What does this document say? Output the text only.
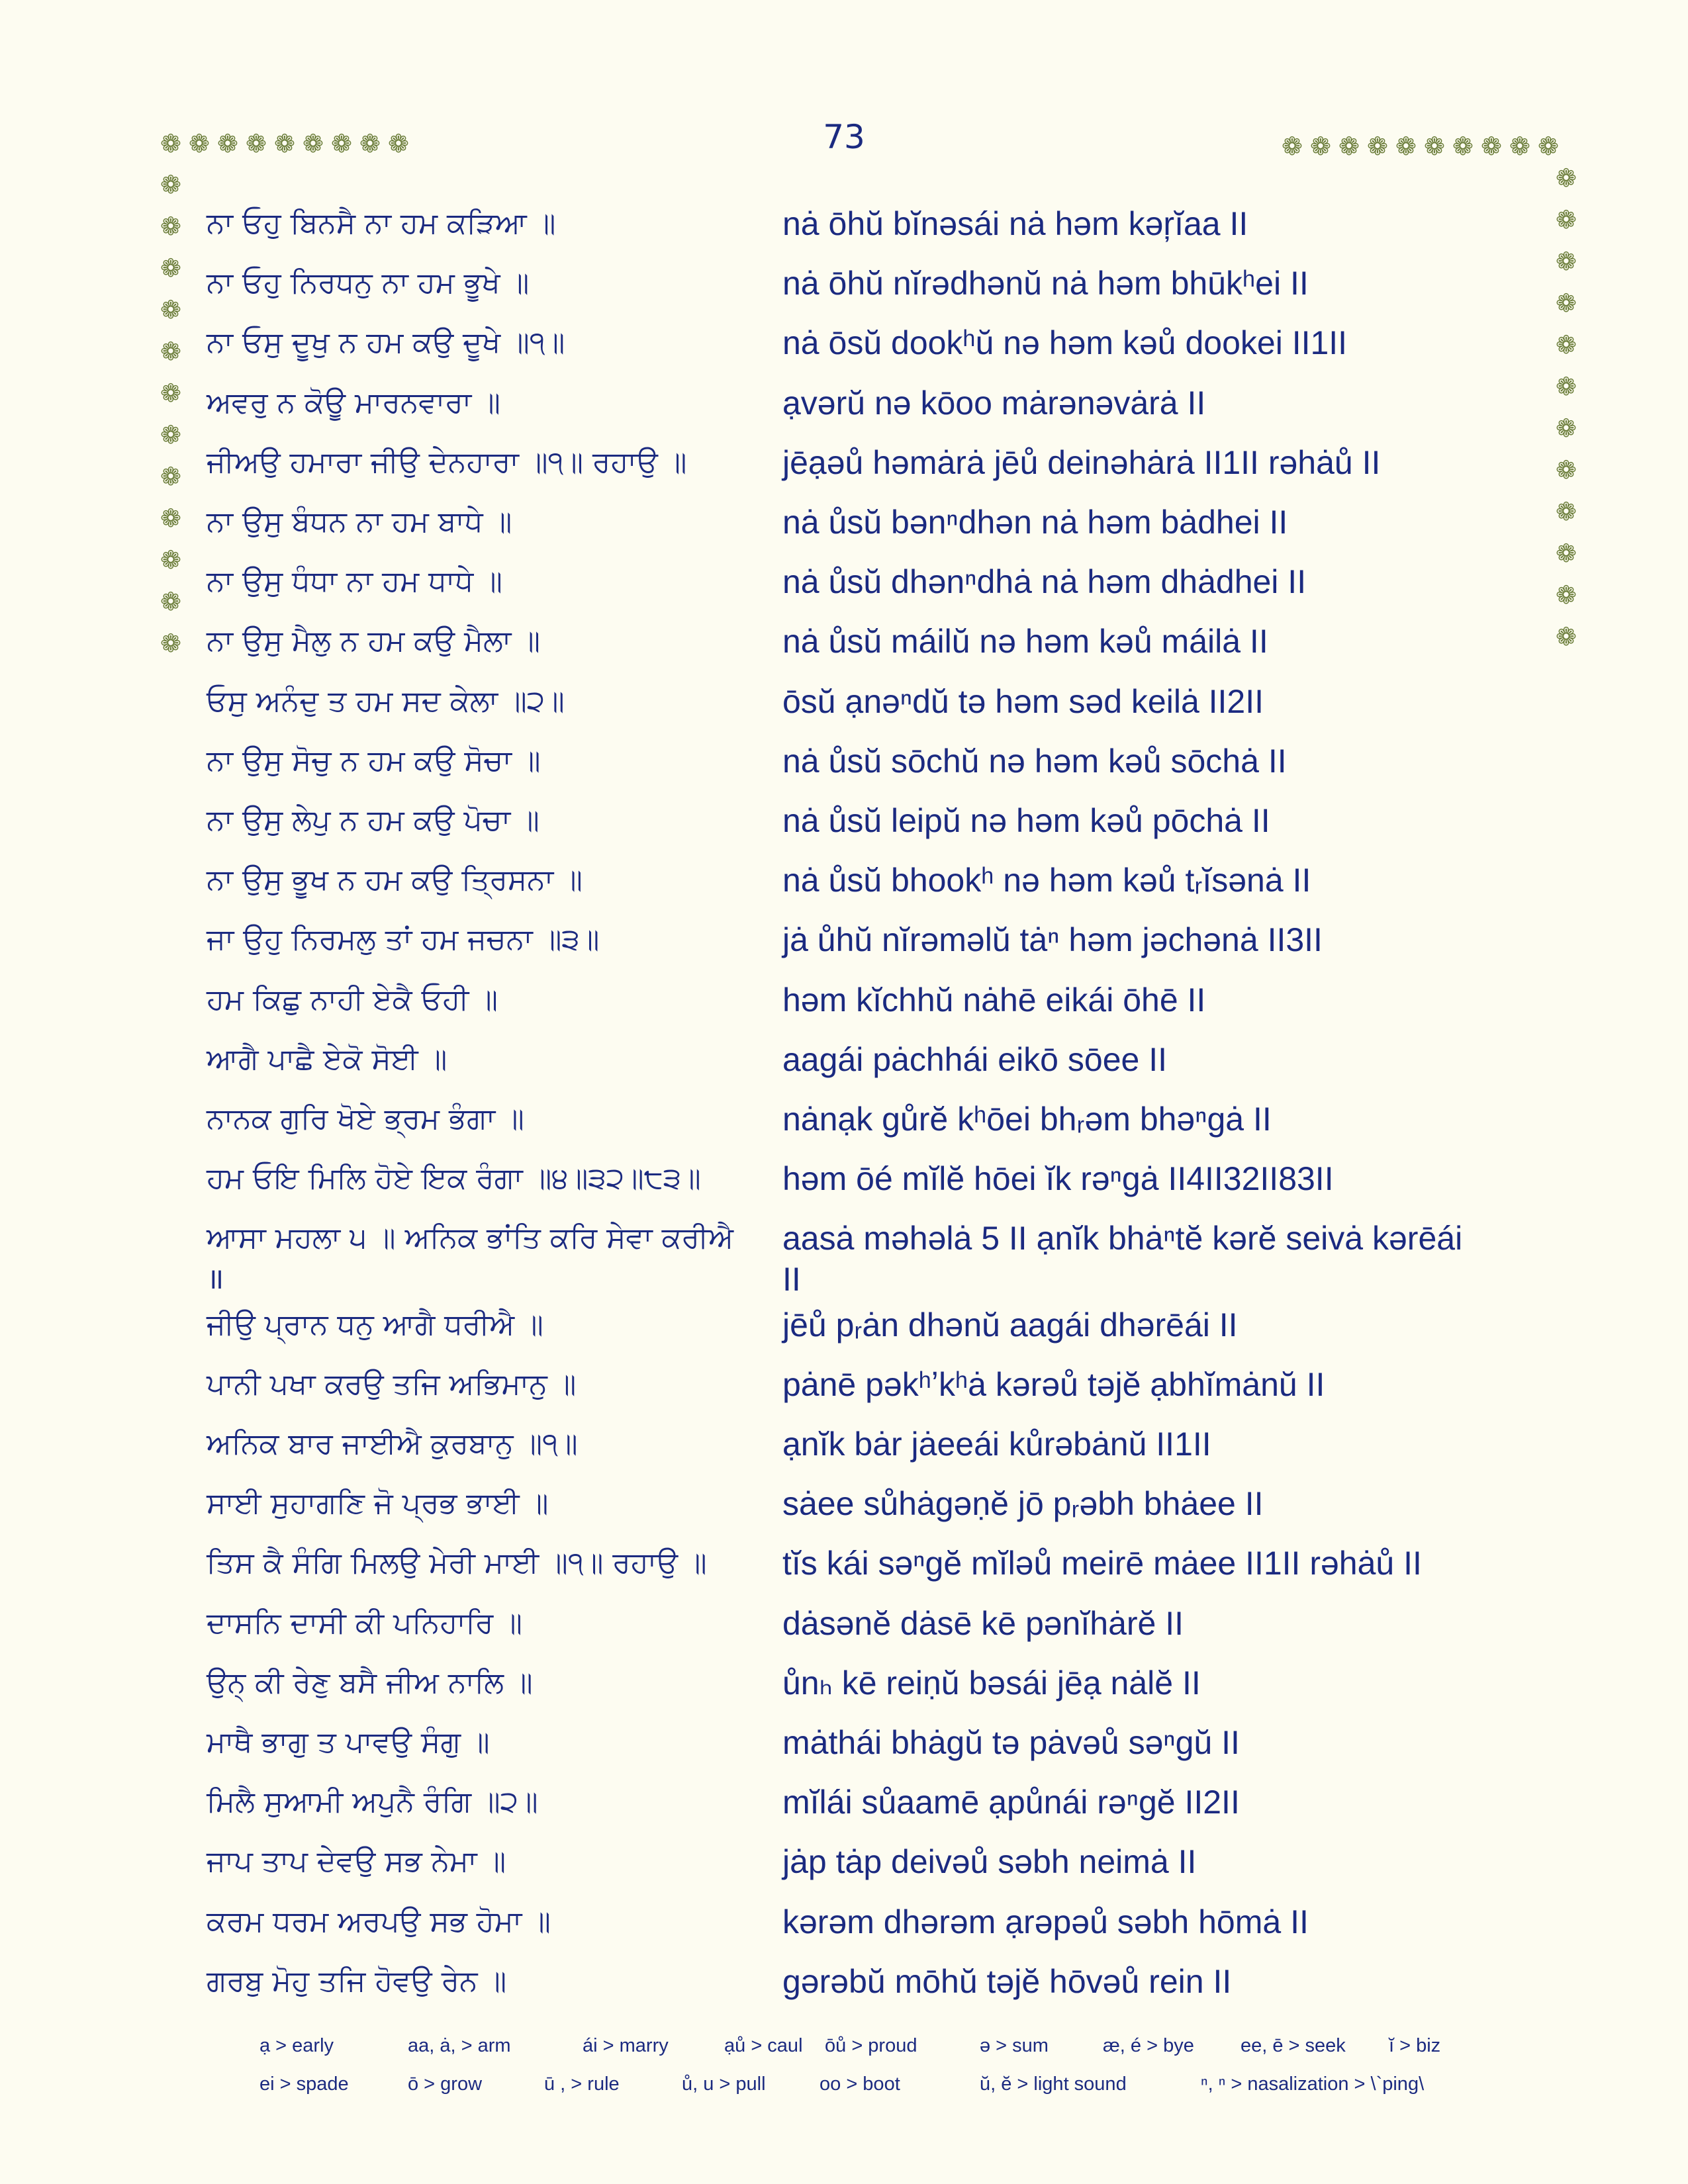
73
❁ ❁ ❁ ❁ ❁ ❁ ❁ ❁ ❁	❁ ❁ ❁ ❁ ❁ ❁ ❁ ❁ ❁ ❁
❁
❁
❁
❁
❁
❁
❁
❁
❁
❁
❁
❁
❁
❁
❁
❁
❁
❁
❁
❁
❁
❁
❁
❁
ਨਾ ਓਹੁ ਬਿਨਸੈ ਨਾ ਹਮ ਕੜਿਆ ॥	nȧ ōhŭ bĭnəsái nȧ həm kəŗĭaa II
ਨਾ ਓਹੁ ਨਿਰਧਨੁ ਨਾ ਹਮ ਭੂਖੇ ॥	nȧ ōhŭ nĭrədhənŭ nȧ həm bhūkʰei II
ਨਾ ਓਸੁ ਦੂਖੁ ਨ ਹਮ ਕਉ ਦੂਖੇ ॥੧॥	nȧ ōsŭ dookʰŭ nə həm kəů dookei II1II
ਅਵਰੁ ਨ ਕੋਊ ਮਾਰਨਵਾਰਾ ॥	ạvərŭ nə kōoo mȧrənəvȧrȧ II
ਜੀਅਉ ਹਮਾਰਾ ਜੀਉ ਦੇਨਹਾਰਾ ॥੧॥ ਰਹਾਉ ॥	jēạəů həmȧrȧ jēů deinəhȧrȧ II1II rəhȧů II
ਨਾ ਉਸੁ ਬੰਧਨ ਨਾ ਹਮ ਬਾਧੇ ॥	nȧ ůsŭ bənⁿdhən nȧ həm bȧdhei II
ਨਾ ਉਸੁ ਧੰਧਾ ਨਾ ਹਮ ਧਾਧੇ ॥	nȧ ůsŭ dhənⁿdhȧ nȧ həm dhȧdhei II
ਨਾ ਉਸੁ ਮੈਲੁ ਨ ਹਮ ਕਉ ਮੈਲਾ ॥	nȧ ůsŭ máilŭ nə həm kəů máilȧ II
ਓਸੁ ਅਨੰਦੁ ਤ ਹਮ ਸਦ ਕੇਲਾ ॥੨॥	ōsŭ ạnəⁿdŭ tə həm səd keilȧ II2II
ਨਾ ਉਸੁ ਸੋਚੁ ਨ ਹਮ ਕਉ ਸੋਚਾ ॥	nȧ ůsŭ sōchŭ nə həm kəů sōchȧ II
ਨਾ ਉਸੁ ਲੇਪੁ ਨ ਹਮ ਕਉ ਪੋਚਾ ॥	nȧ ůsŭ leipŭ nə həm kəů pōchȧ II
ਨਾ ਉਸੁ ਭੂਖ ਨ ਹਮ ਕਉ ਤ੍ਰਿਸਨਾ ॥	nȧ ůsŭ bhookʰ nə həm kəů tᵣĭsənȧ II
ਜਾ ਉਹੁ ਨਿਰਮਲੁ ਤਾਂ ਹਮ ਜਚਨਾ ॥੩॥	jȧ ůhŭ nĭrəməlŭ tȧⁿ həm jəchənȧ II3II
ਹਮ ਕਿਛੁ ਨਾਹੀ ਏਕੈ ਓਹੀ ॥	həm kĭchhŭ nȧhē eikái ōhē II
ਆਗੈ ਪਾਛੈ ਏਕੋ ਸੋਈ ॥	aagái pȧchhái eikō sōee II
ਨਾਨਕ ਗੁਰਿ ਖੋਏ ਭ੍ਰਮ ਭੰਗਾ ॥	nȧnạk gůrĕ kʰōei bhᵣəm bhəⁿgȧ II
ਹਮ ਓਇ ਮਿਲਿ ਹੋਏ ਇਕ ਰੰਗਾ ॥੪॥੩੨॥੮੩॥	həm ōé mĭlĕ hōei ĭk rəⁿgȧ II4II32II83II
ਆਸਾ ਮਹਲਾ ੫ ॥ ਅਨਿਕ ਭਾਂਤਿ ਕਰਿ ਸੇਵਾ ਕਰੀਐ	aasȧ məhəlȧ 5 II ạnĭk bhȧⁿtĕ kərĕ seivȧ kərēái
॥	II
ਜੀਉ ਪ੍ਰਾਨ ਧਨੁ ਆਗੈ ਧਰੀਐ ॥	jēů pᵣȧn dhənŭ aagái dhərēái II
ਪਾਨੀ ਪਖਾ ਕਰਉ ਤਜਿ ਅਭਿਮਾਨੁ ॥	pȧnē pəkʰʼkʰȧ kərəů təjĕ ạbhĭmȧnŭ II
ਅਨਿਕ ਬਾਰ ਜਾਈਐ ਕੁਰਬਾਨੁ ॥੧॥	ạnĭk bȧr jȧeeái kůrəbȧnŭ II1II
ਸਾਈ ਸੁਹਾਗਣਿ ਜੋ ਪ੍ਰਭ ਭਾਈ ॥	sȧee sůhȧgəṇĕ jō pᵣəbh bhȧee II
ਤਿਸ ਕੈ ਸੰਗਿ ਮਿਲਉ ਮੇਰੀ ਮਾਈ ॥੧॥ ਰਹਾਉ ॥	tĭs kái səⁿgĕ mĭləů meirē mȧee II1II rəhȧů II
ਦਾਸਨਿ ਦਾਸੀ ਕੀ ਪਨਿਹਾਰਿ ॥	dȧsənĕ dȧsē kē pənĭhȧrĕ II
ਉਨ੍ ਕੀ ਰੇਣੁ ਬਸੈ ਜੀਅ ਨਾਲਿ ॥	ůnₕ kē reiṇŭ bəsái jēạ nȧlĕ II
ਮਾਥੈ ਭਾਗੁ ਤ ਪਾਵਉ ਸੰਗੁ ॥	mȧthái bhȧgŭ tə pȧvəů səⁿgŭ II
ਮਿਲੈ ਸੁਆਮੀ ਅਪੁਨੈ ਰੰਗਿ ॥੨॥	mĭlái sůaamē ạpůnái rəⁿgĕ II2II
ਜਾਪ ਤਾਪ ਦੇਵਉ ਸਭ ਨੇਮਾ ॥	jȧp tȧp deivəů səbh neimȧ II
ਕਰਮ ਧਰਮ ਅਰਪਉ ਸਭ ਹੋਮਾ ॥	kərəm dhərəm ạrəpəů səbh hōmȧ II
ਗਰਬੁ ਮੋਹੁ ਤਜਿ ਹੋਵਉ ਰੇਨ ॥	gərəbŭ mōhŭ təjĕ hōvəů rein II
ạ > early	aa, ȧ, > arm	ái > marry	ạů > caul ōů > proud	ə > sum	æ, é > bye ee, ē > seek ĭ > biz
ei > spade	ō > grow	ū , > rule	ů, u > pull	oo > boot	ŭ, ĕ > light sound	ⁿ, ⁿ > nasalization > \`ping\
